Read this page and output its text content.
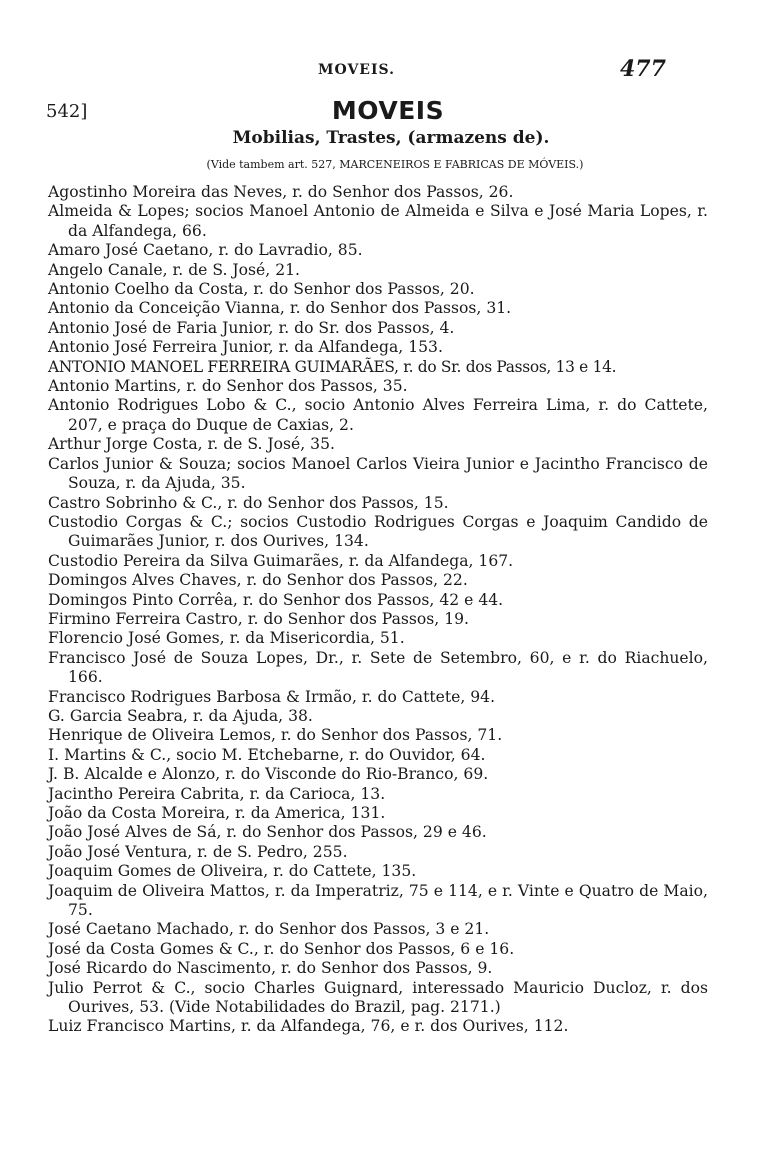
MOVEIS.	477
542]	MOVEIS
Mobilias, Trastes, (armazens de).
(Vide tambem art. 527, MARCENEIROS E FABRICAS DE MÓVEIS.)
Agostinho Moreira das Neves, r. do Senhor dos Passos, 26.
Almeida & Lopes; socios Manoel Antonio de Almeida e Silva e José Maria Lopes, r. da Alfandega, 66.
Amaro José Caetano, r. do Lavradio, 85.
Angelo Canale, r. de S. José, 21.
Antonio Coelho da Costa, r. do Senhor dos Passos, 20.
Antonio da Conceição Vianna, r. do Senhor dos Passos, 31.
Antonio José de Faria Junior, r. do Sr. dos Passos, 4.
Antonio José Ferreira Junior, r. da Alfandega, 153.
ANTONIO MANOEL FERREIRA GUIMARÃES, r. do Sr. dos Passos, 13 e 14.
Antonio Martins, r. do Senhor dos Passos, 35.
Antonio Rodrigues Lobo & C., socio Antonio Alves Ferreira Lima, r. do Cattete, 207, e praça do Duque de Caxias, 2.
Arthur Jorge Costa, r. de S. José, 35.
Carlos Junior & Souza; socios Manoel Carlos Vieira Junior e Jacintho Francisco de Souza, r. da Ajuda, 35.
Castro Sobrinho & C., r. do Senhor dos Passos, 15.
Custodio Corgas & C.; socios Custodio Rodrigues Corgas e Joaquim Candido de Guimarães Junior, r. dos Ourives, 134.
Custodio Pereira da Silva Guimarães, r. da Alfandega, 167.
Domingos Alves Chaves, r. do Senhor dos Passos, 22.
Domingos Pinto Corrêa, r. do Senhor dos Passos, 42 e 44.
Firmino Ferreira Castro, r. do Senhor dos Passos, 19.
Florencio José Gomes, r. da Misericordia, 51.
Francisco José de Souza Lopes, Dr., r. Sete de Setembro, 60, e r. do Riachuelo, 166.
Francisco Rodrigues Barbosa & Irmão, r. do Cattete, 94.
G. Garcia Seabra, r. da Ajuda, 38.
Henrique de Oliveira Lemos, r. do Senhor dos Passos, 71.
I. Martins & C., socio M. Etchebarne, r. do Ouvidor, 64.
J. B. Alcalde e Alonzo, r. do Visconde do Rio-Branco, 69.
Jacintho Pereira Cabrita, r. da Carioca, 13.
João da Costa Moreira, r. da America, 131.
João José Alves de Sá, r. do Senhor dos Passos, 29 e 46.
João José Ventura, r. de S. Pedro, 255.
Joaquim Gomes de Oliveira, r. do Cattete, 135.
Joaquim de Oliveira Mattos, r. da Imperatriz, 75 e 114, e r. Vinte e Quatro de Maio, 75.
José Caetano Machado, r. do Senhor dos Passos, 3 e 21.
José da Costa Gomes & C., r. do Senhor dos Passos, 6 e 16.
José Ricardo do Nascimento, r. do Senhor dos Passos, 9.
Julio Perrot & C., socio Charles Guignard, interessado Mauricio Ducloz, r. dos Ourives, 53. (Vide Notabilidades do Brazil, pag. 2171.)
Luiz Francisco Martins, r. da Alfandega, 76, e r. dos Ourives, 112.
